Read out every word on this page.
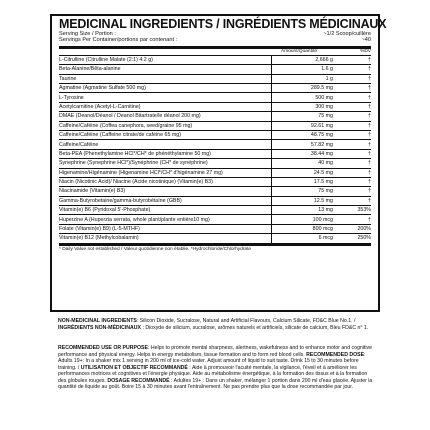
MEDICINAL INGREDIENTS / INGRÉDIENTS MÉDICINAUX
Serving Size / Portion :	~1/2 Scoop/cuillère
Servings Per Container/portions par contenant :	~40
Amount/Quantité	%DV
L-Citrulline (Citrulline Malate (2:1) 4.2 g)	2,666 g	†
Beta-Alanine/Bêta-alanine	1.6 g	†
Taurine	1 g	†
Agmatine (Agmatine Sulfate 500 mg)	289.5 mg	†
L-Tyrosine	500 mg	†
Acetylcarnitine (Acetyl-L-Carnitine)	300 mg	†
DMAE (Deanol/Déanol / Deanol Bitartrate/le déanol 200 mg)	75 mg	†
Caffeine/Caféine (Coffea canephora, seed/graine 95 mg)	92.61 mg	†
Caffeine/Caféine (Caffeine citrate/de caféine 65 mg)	48.75 mg	†
Caffeine/Caféine	57.82 mg	†
Beta-PEA (Phenethylamine HCl*/CH* de phénéthylamine 50 mg)	38.44 mg	†
Synephrine (Synephrine HCl*)/Synéphrine (CH* de synéphrine)	40 mg	†
Higenamine/Higénamine (Higenamine HCl*/CH* d'higénamine 27 mg)	24.5 mg	†
Niacin (Nicotinic Acid)/ Niacine (Acide nicotinique) (Vitamin(e) B3)	17.5 mg	†
Niacinamide (Vitamin(e) B3)	75 mg	†
Gamma-Butyrobetaine/gamma-butyrobétaïne (GBB)	12.5 mg	†
Vitamin(e) B6 (Pyridoxal 5'-Phosphate)	13 mg	353%
Huperzine A (Huperzia serrata, whole plant/plante entière10 mg)	100 mcg	†
Folate (Vitamin(e) B9) (L-5-MTHF)	800 mcg	200%
Vitamin(e) B12 (Methylcobalamin)	6 mcg	250%
* Daily Value not established / Valeur quotidienne non établie. *Hydrochloride/Chlorhydrate
NON-MEDICINAL INGREDIENTS: Silicon Dioxide, Sucralose, Natural and Artificial Flavours, Calcium Silicate, FD&C Blue No.1. / INGRÉDIENTS NON-MÉDICINAUX : Dioxyde de silicium, sucralose, arômes naturels et artificiels, silicate de calcium, Bleu FD&C n° 1.
RECOMMENDED USE OR PURPOSE: Helps to promote mental sharpness, alertness, wakefulness and to enhance motor and cognitive performance and physical energy. Helps in energy metabolism, tissue formation and to form red blood cells. RECOMMENDED DOSE: Adults 19+: In a shaker mix 1 serving in 200 ml of ice-cold water. Adjust amount of liquid to suit taste. Drink 15 to 30 minutes before training. / UTILISATION ET OBJECTIF RECOMMANDÉ : Aide à promouvoir l'acuité mentale, la vigilance, l'éveil et à améliorer les performances motrices et cognitives et l'énergie physique. Aide au métabolisme énergétique, à la formation des tissus et à la formation des globules rouges. DOSAGE RECOMMANDÉ : Adultes 19+ : Dans un shaker, mélanger 1 portion dans 200 ml d'eau glacée. Ajuster la quantité de liquide au goût. Boire 15 à 30 minutes avant l'entraînement. Ne pas prendre plus que la dose recommandée par jour.
